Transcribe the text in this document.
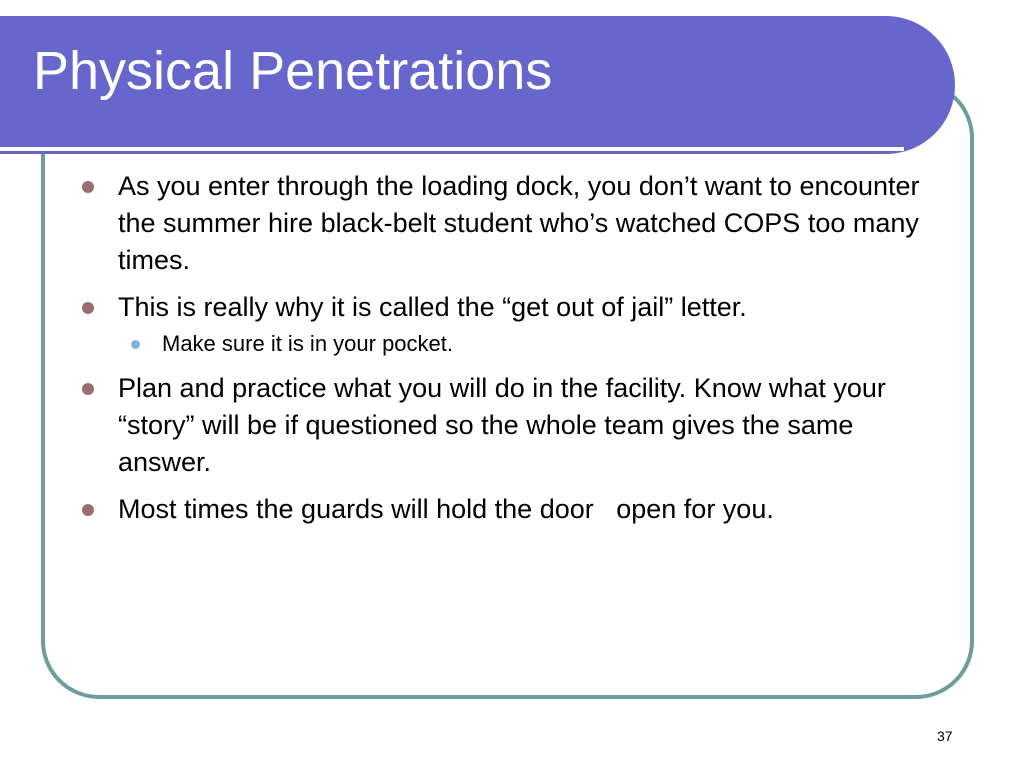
Physical Penetrations
As you enter through the loading dock, you don’t want to encounter the summer hire black-belt student who’s watched COPS too many times.
This is really why it is called the “get out of jail” letter.
Make sure it is in your pocket.
Plan and practice what you will do in the facility. Know what your “story” will be if questioned so the whole team gives the same answer.
Most times the guards will hold the door   open for you.
37
